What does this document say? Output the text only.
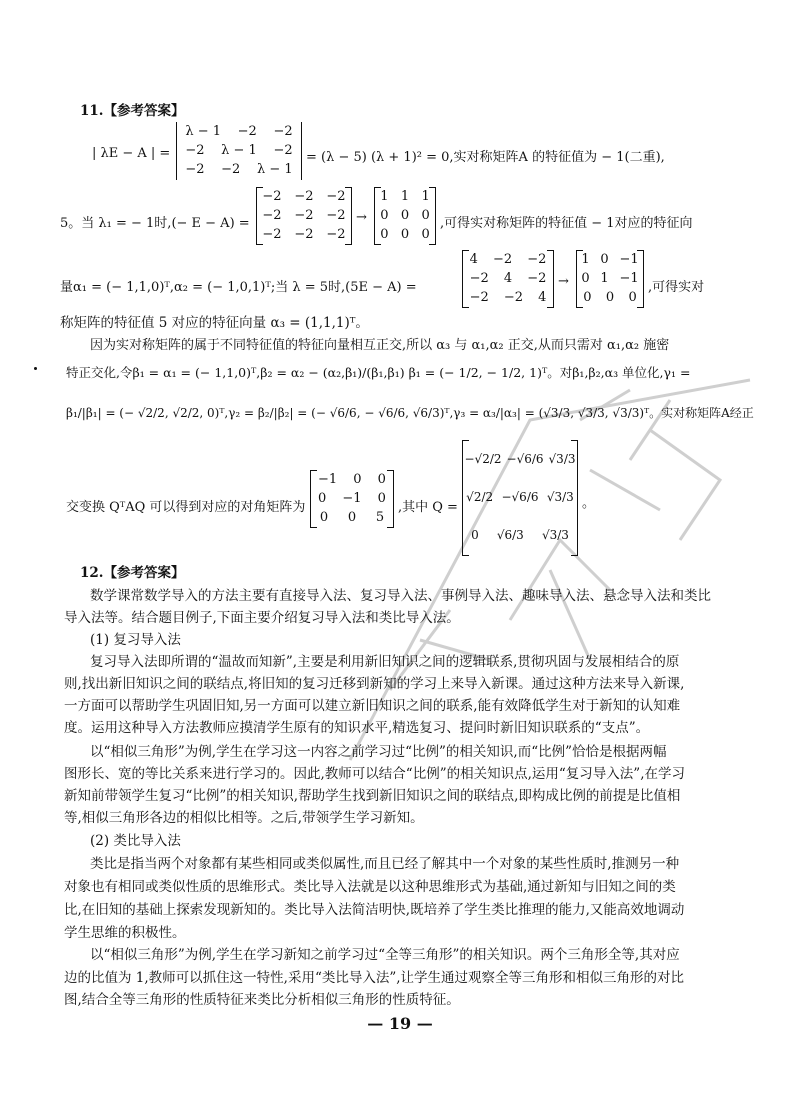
11.【参考答案】
| λE − A | =
λ − 1 −2 −2
−2 λ − 1 −2
−2 −2 λ − 1
= (λ − 5) (λ + 1)² = 0,实对称矩阵A 的特征值为 − 1(二重),
5。当 λ₁ = − 1时,(− E − A) =
−2 −2 −2
−2 −2 −2
−2 −2 −2
→
1 1 1
0 0 0
0 0 0
,可得实对称矩阵的特征值 − 1对应的特征向
量α₁ = (− 1,1,0)ᵀ,α₂ = (− 1,0,1)ᵀ;当 λ = 5时,(5E − A) =
4 −2 −2
−2 4 −2
−2 −2 4
→
1 0 −1
0 1 −1
0 0 0
,可得实对
称矩阵的特征值 5 对应的特征向量 α₃ = (1,1,1)ᵀ。
因为实对称矩阵的属于不同特征值的特征向量相互正交,所以 α₃ 与 α₁,α₂ 正交,从而只需对 α₁,α₂ 施密
特正交化,令β₁ = α₁ = (− 1,1,0)ᵀ,β₂ = α₂ − (α₂,β₁)/(β₁,β₁) β₁ = (− 1/2, − 1/2, 1)ᵀ。对β₁,β₂,α₃ 单位化,γ₁ =
β₁/|β₁| = (− √2/2, √2/2, 0)ᵀ,γ₂ = β₂/|β₂| = (− √6/6, − √6/6, √6/3)ᵀ,γ₃ = α₃/|α₃| = (√3/3, √3/3, √3/3)ᵀ。实对称矩阵A经正
交变换 QᵀAQ 可以得到对应的对角矩阵为
−1 0 0
0 −1 0
0 0 5
,其中 Q =
−√2/2 −√6/6 √3/3
√2/2 −√6/6 √3/3
0 √6/3 √3/3
。
12.【参考答案】
数学课常数学导入的方法主要有直接导入法、复习导入法、事例导入法、趣味导入法、悬念导入法和类比
导入法等。结合题目例子,下面主要介绍复习导入法和类比导入法。
(1) 复习导入法
复习导入法即所谓的“温故而知新”,主要是利用新旧知识之间的逻辑联系,贯彻巩固与发展相结合的原
则,找出新旧知识之间的联结点,将旧知的复习迁移到新知的学习上来导入新课。通过这种方法来导入新课,
一方面可以帮助学生巩固旧知,另一方面可以建立新旧知识之间的联系,能有效降低学生对于新知的认知难
度。运用这种导入方法教师应摸清学生原有的知识水平,精选复习、提问时新旧知识联系的“支点”。
以“相似三角形”为例,学生在学习这一内容之前学习过“比例”的相关知识,而“比例”恰恰是根据两幅
图形长、宽的等比关系来进行学习的。因此,教师可以结合“比例”的相关知识点,运用“复习导入法”,在学习
新知前带领学生复习“比例”的相关知识,帮助学生找到新旧知识之间的联结点,即构成比例的前提是比值相
等,相似三角形各边的相似比相等。之后,带领学生学习新知。
(2) 类比导入法
类比是指当两个对象都有某些相同或类似属性,而且已经了解其中一个对象的某些性质时,推测另一种
对象也有相同或类似性质的思维形式。类比导入法就是以这种思维形式为基础,通过新知与旧知之间的类
比,在旧知的基础上探索发现新知的。类比导入法简洁明快,既培养了学生类比推理的能力,又能高效地调动
学生思维的积极性。
以“相似三角形”为例,学生在学习新知之前学习过“全等三角形”的相关知识。两个三角形全等,其对应
边的比值为 1,教师可以抓住这一特性,采用“类比导入法”,让学生通过观察全等三角形和相似三角形的对比
图,结合全等三角形的性质特征来类比分析相似三角形的性质特征。
— 19 —
